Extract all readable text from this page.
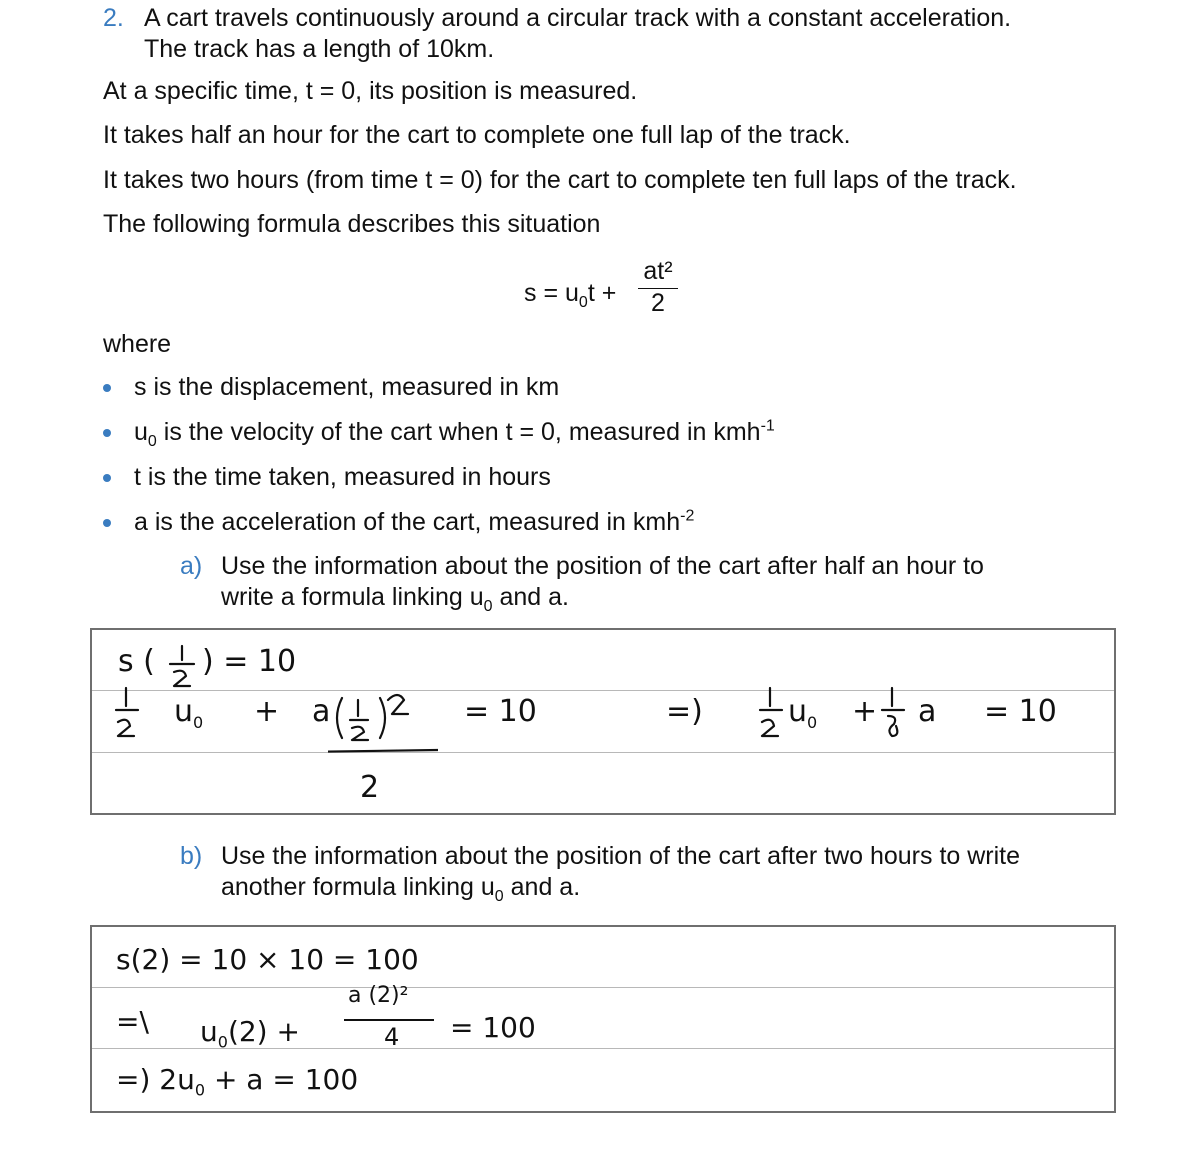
2. A cart travels continuously around a circular track with a constant acceleration.
The track has a length of 10km.

At a specific time, t = 0, its position is measured.

It takes half an hour for the cart to complete one full lap of the track.

It takes two hours (from time t = 0) for the cart to complete ten full laps of the track.

The following formula describes this situation

$s = u_0t$ +
at²
2

where

s is the displacement, measured in km
$u_0$ is the velocity of the cart when t = 0, measured in kmh$^{-1}$
t is the time taken, measured in hours
a is the acceleration of the cart, measured in kmh$^{-2}$
a) Use the information about the position of the cart after half an hour to
write a formula linking $u_0$ and a.
s ( ) = 10
$u_0 + a$
2
= 10	=)	$u_0 + a = 10$
b) Use the information about the position of the cart after two hours to write
another formula linking $u_0$ and a.
s(2) = 10 × 10 = 100
=\ $u_0(2)$ +
a (2)²
4 = 100
=) $2u_0 + a = 100$
